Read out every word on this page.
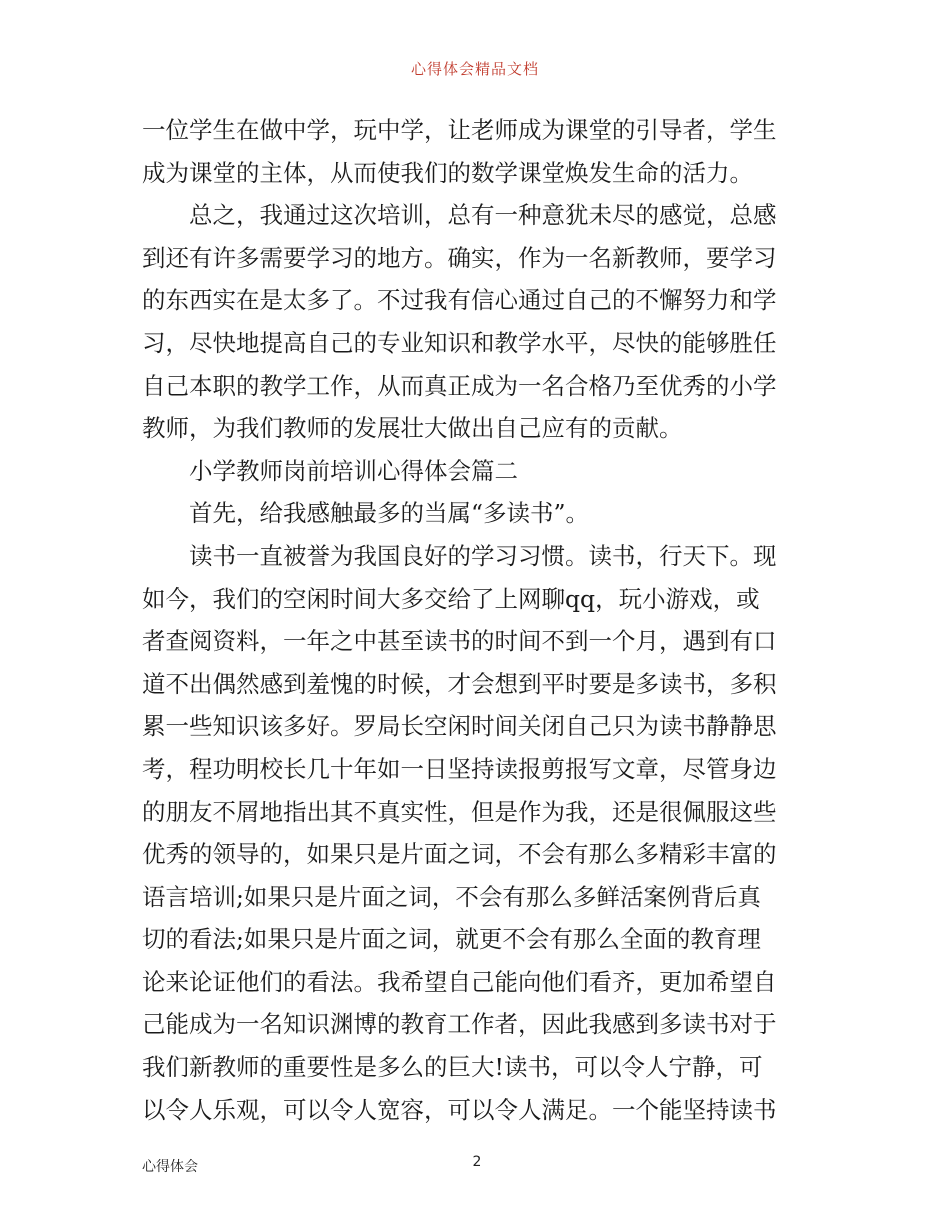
心得体会精品文档
一位学生在做中学，玩中学，让老师成为课堂的引导者，学生
成为课堂的主体，从而使我们的数学课堂焕发生命的活力。
总之，我通过这次培训，总有一种意犹未尽的感觉，总感
到还有许多需要学习的地方。确实，作为一名新教师，要学习
的东西实在是太多了。不过我有信心通过自己的不懈努力和学
习，尽快地提高自己的专业知识和教学水平，尽快的能够胜任
自己本职的教学工作，从而真正成为一名合格乃至优秀的小学
教师，为我们教师的发展壮大做出自己应有的贡献。
小学教师岗前培训心得体会篇二
首先，给我感触最多的当属“多读书”。
读书一直被誉为我国良好的学习习惯。读书，行天下。现
如今，我们的空闲时间大多交给了上网聊qq，玩小游戏，或
者查阅资料，一年之中甚至读书的时间不到一个月，遇到有口
道不出偶然感到羞愧的时候，才会想到平时要是多读书，多积
累一些知识该多好。罗局长空闲时间关闭自己只为读书静静思
考，程功明校长几十年如一日坚持读报剪报写文章，尽管身边
的朋友不屑地指出其不真实性，但是作为我，还是很佩服这些
优秀的领导的，如果只是片面之词，不会有那么多精彩丰富的
语言培训;如果只是片面之词，不会有那么多鲜活案例背后真
切的看法;如果只是片面之词，就更不会有那么全面的教育理
论来论证他们的看法。我希望自己能向他们看齐，更加希望自
己能成为一名知识渊博的教育工作者，因此我感到多读书对于
我们新教师的重要性是多么的巨大!读书，可以令人宁静，可
以令人乐观，可以令人宽容，可以令人满足。一个能坚持读书
心得体会	2
